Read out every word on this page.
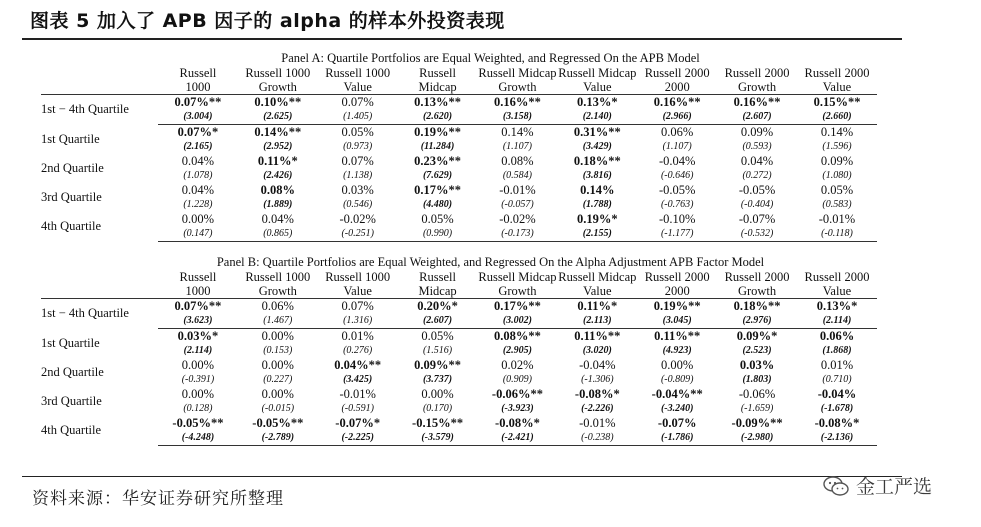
图表 5 加入了 APB 因子的 alpha 的样本外投资表现
Panel A: Quartile Portfolios are Equal Weighted, and Regressed On the APB Model
	Russell	Russell 1000	Russell 1000	Russell	Russell Midcap	Russell Midcap	Russell 2000	Russell 2000	Russell 2000
	1000	Growth	Value	Midcap	Growth	Value	2000	Growth	Value
1st − 4th Quartile	0.07%**	0.10%**	0.07%	0.13%**	0.16%**	0.13%*	0.16%**	0.16%**	0.15%**
	(3.004)	(2.625)	(1.405)	(2.620)	(3.158)	(2.140)	(2.966)	(2.607)	(2.660)
1st Quartile	0.07%*	0.14%**	0.05%	0.19%**	0.14%	0.31%**	0.06%	0.09%	0.14%
	(2.165)	(2.952)	(0.973)	(11.284)	(1.107)	(3.429)	(1.107)	(0.593)	(1.596)
2nd Quartile	0.04%	0.11%*	0.07%	0.23%**	0.08%	0.18%**	-0.04%	0.04%	0.09%
	(1.078)	(2.426)	(1.138)	(7.629)	(0.584)	(3.816)	(-0.646)	(0.272)	(1.080)
3rd Quartile	0.04%	0.08%	0.03%	0.17%**	-0.01%	0.14%	-0.05%	-0.05%	0.05%
	(1.228)	(1.889)	(0.546)	(4.480)	(-0.057)	(1.788)	(-0.763)	(-0.404)	(0.583)
4th Quartile	0.00%	0.04%	-0.02%	0.05%	-0.02%	0.19%*	-0.10%	-0.07%	-0.01%
	(0.147)	(0.865)	(-0.251)	(0.990)	(-0.173)	(2.155)	(-1.177)	(-0.532)	(-0.118)
Panel B: Quartile Portfolios are Equal Weighted, and Regressed On the Alpha Adjustment APB Factor Model
	Russell	Russell 1000	Russell 1000	Russell	Russell Midcap	Russell Midcap	Russell 2000	Russell 2000	Russell 2000
	1000	Growth	Value	Midcap	Growth	Value	2000	Growth	Value
1st − 4th Quartile	0.07%**	0.06%	0.07%	0.20%*	0.17%**	0.11%*	0.19%**	0.18%**	0.13%*
	(3.623)	(1.467)	(1.316)	(2.607)	(3.002)	(2.113)	(3.045)	(2.976)	(2.114)
1st Quartile	0.03%*	0.00%	0.01%	0.05%	0.08%**	0.11%**	0.11%**	0.09%*	0.06%
	(2.114)	(0.153)	(0.276)	(1.516)	(2.905)	(3.020)	(4.923)	(2.523)	(1.868)
2nd Quartile	0.00%	0.00%	0.04%**	0.09%**	0.02%	-0.04%	0.00%	0.03%	0.01%
	(-0.391)	(0.227)	(3.425)	(3.737)	(0.909)	(-1.306)	(-0.809)	(1.803)	(0.710)
3rd Quartile	0.00%	0.00%	-0.01%	0.00%	-0.06%**	-0.08%*	-0.04%**	-0.06%	-0.04%
	(0.128)	(-0.015)	(-0.591)	(0.170)	(-3.923)	(-2.226)	(-3.240)	(-1.659)	(-1.678)
4th Quartile	-0.05%**	-0.05%**	-0.07%*	-0.15%**	-0.08%*	-0.01%	-0.07%	-0.09%**	-0.08%*
	(-4.248)	(-2.789)	(-2.225)	(-3.579)	(-2.421)	(-0.238)	(-1.786)	(-2.980)	(-2.136)
资料来源：华安证券研究所整理
金工严选
